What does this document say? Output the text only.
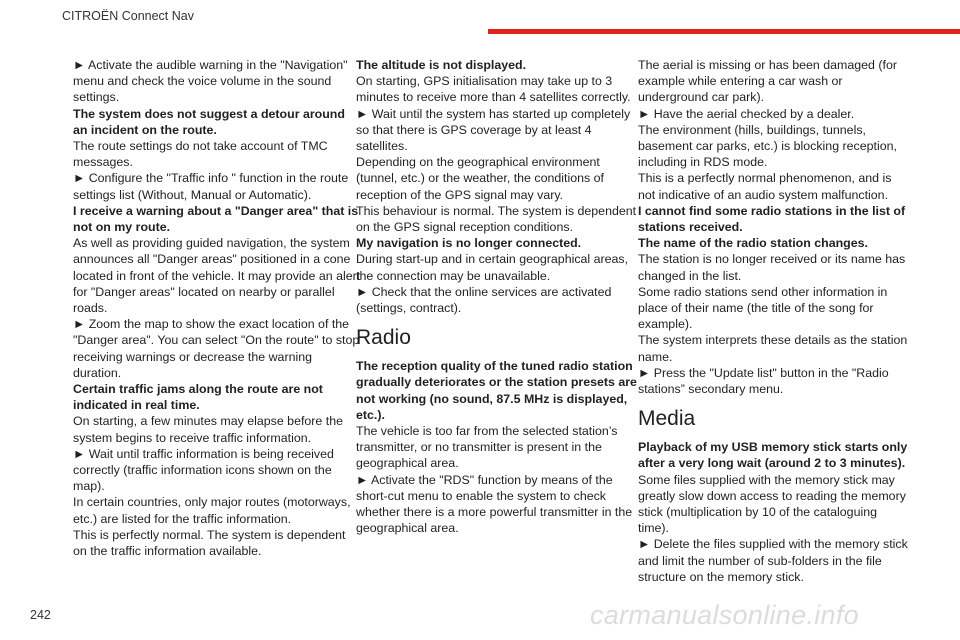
CITROËN Connect Nav

► Activate the audible warning in the "Navigation" menu and check the voice volume in the sound settings.

The system does not suggest a detour around an incident on the route.

The route settings do not take account of TMC messages.

► Configure the "Traffic info " function in the route settings list (Without, Manual or Automatic).

I receive a warning about a "Danger area" that is not on my route.

As well as providing guided navigation, the system announces all "Danger areas" positioned in a cone located in front of the vehicle. It may provide an alert for "Danger areas" located on nearby or parallel roads.

► Zoom the map to show the exact location of the "Danger area". You can select "On the route" to stop receiving warnings or decrease the warning duration.

Certain traffic jams along the route are not indicated in real time.

On starting, a few minutes may elapse before the system begins to receive traffic information.

► Wait until traffic information is being received correctly (traffic information icons shown on the map).

In certain countries, only major routes (motorways, etc.) are listed for the traffic information.

This is perfectly normal. The system is dependent on the traffic information available.

The altitude is not displayed.

On starting, GPS initialisation may take up to 3 minutes to receive more than 4 satellites correctly.

► Wait until the system has started up completely so that there is GPS coverage by at least 4 satellites.

Depending on the geographical environment (tunnel, etc.) or the weather, the conditions of reception of the GPS signal may vary.

This behaviour is normal. The system is dependent on the GPS signal reception conditions.

My navigation is no longer connected.

During start-up and in certain geographical areas, the connection may be unavailable.

► Check that the online services are activated (settings, contract).

Radio

The reception quality of the tuned radio station gradually deteriorates or the station presets are not working (no sound, 87.5 MHz is displayed, etc.).

The vehicle is too far from the selected station’s transmitter, or no transmitter is present in the geographical area.

► Activate the "RDS" function by means of the short-cut menu to enable the system to check whether there is a more powerful transmitter in the geographical area.

The aerial is missing or has been damaged (for example while entering a car wash or underground car park).

► Have the aerial checked by a dealer.

The environment (hills, buildings, tunnels, basement car parks, etc.) is blocking reception, including in RDS mode.

This is a perfectly normal phenomenon, and is not indicative of an audio system malfunction.

I cannot find some radio stations in the list of stations received.

The name of the radio station changes.

The station is no longer received or its name has changed in the list.

Some radio stations send other information in place of their name (the title of the song for example).

The system interprets these details as the station name.

► Press the "Update list" button in the "Radio stations” secondary menu.

Media

Playback of my USB memory stick starts only after a very long wait (around 2 to 3 minutes).

Some files supplied with the memory stick may greatly slow down access to reading the memory stick (multiplication by 10 of the cataloguing time).

► Delete the files supplied with the memory stick and limit the number of sub-folders in the file structure on the memory stick.

242	carmanualsonline.info
